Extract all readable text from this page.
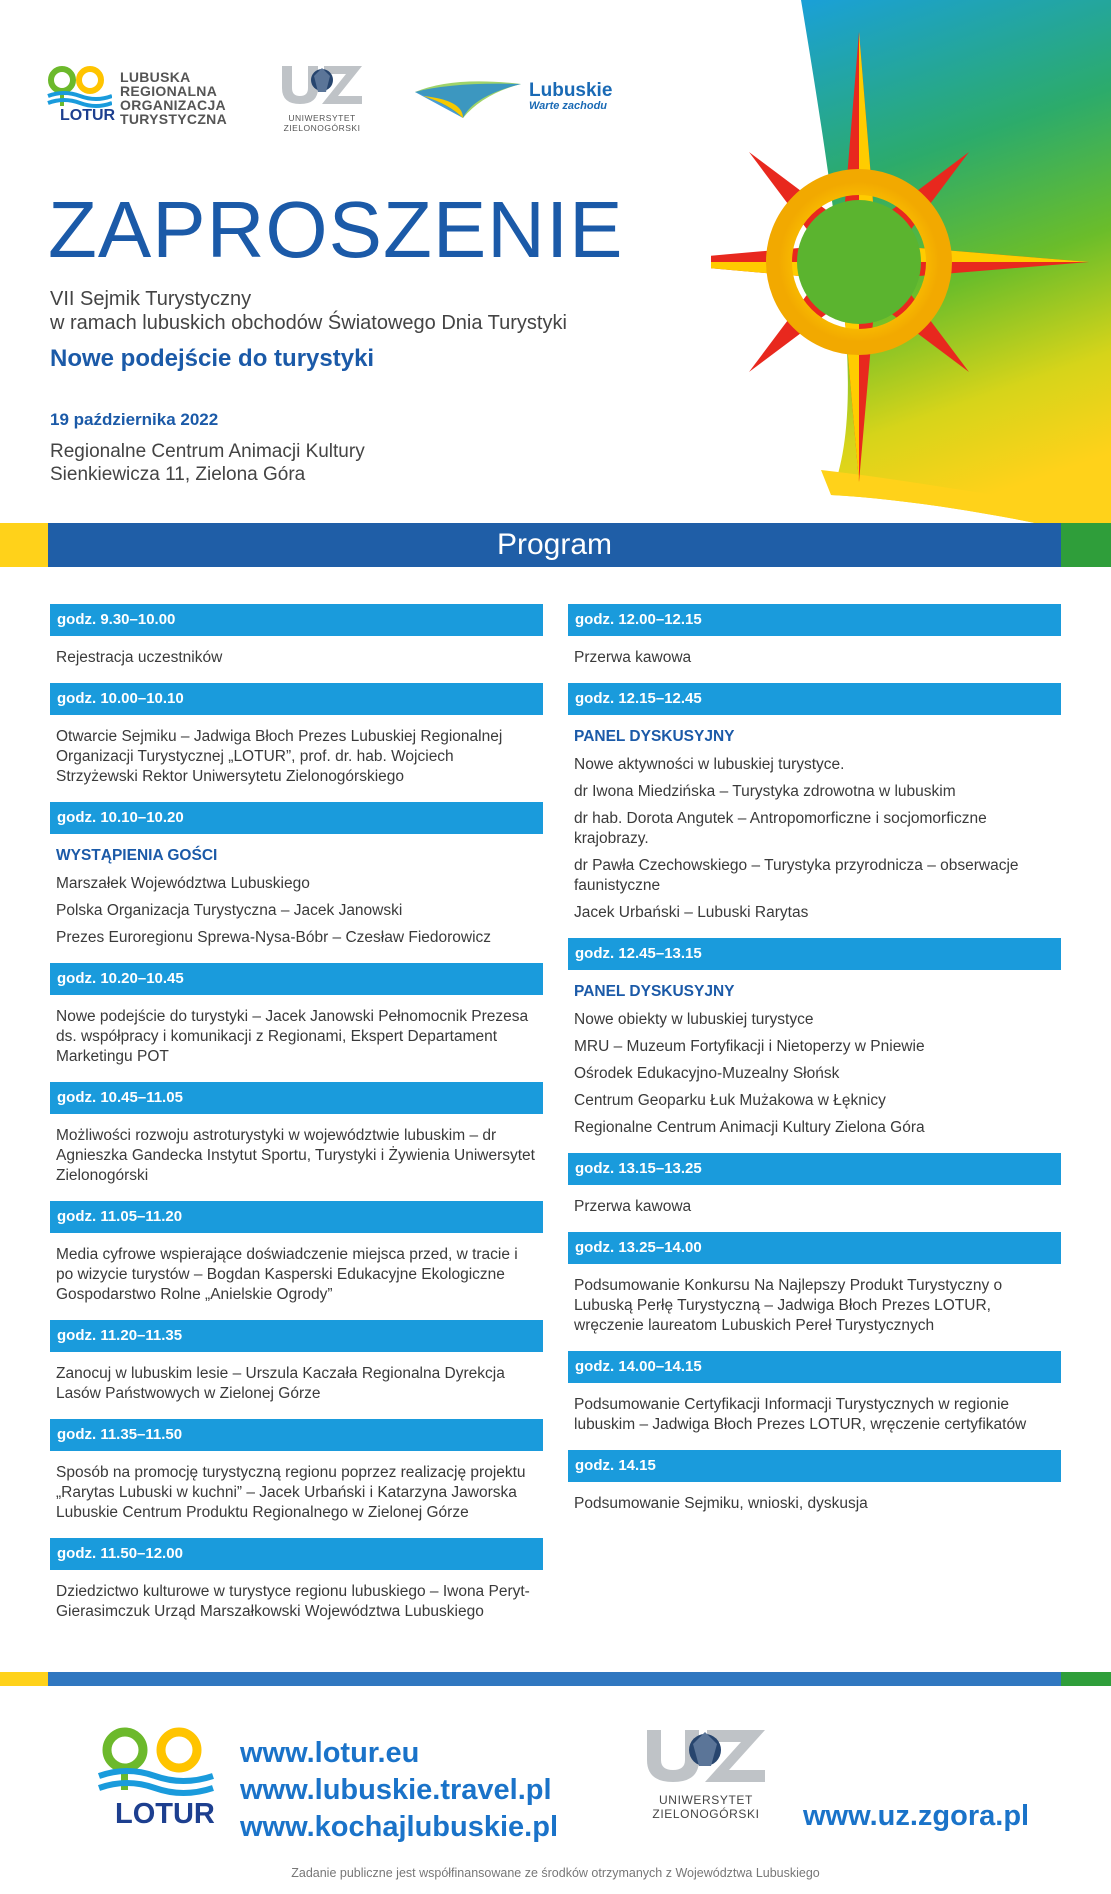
LOTUR
LUBUSKA
REGIONALNA
ORGANIZACJA
TURYSTYCZNA	UNIWERSYTET
ZIELONOGÓRSKI
Lubuskie
Warte zachodu
ZAPROSZENIE
VII Sejmik Turystyczny
w ramach lubuskich obchodów Światowego Dnia Turystyki
Nowe podejście do turystyki
19 października 2022
Regionalne Centrum Animacji Kultury
Sienkiewicza 11, Zielona Góra
Program
godz. 9.30–10.00
Rejestracja uczestników
godz. 10.00–10.10
Otwarcie Sejmiku – Jadwiga Błoch Prezes Lubuskiej Regionalnej Organizacji Turystycznej „LOTUR”, prof. dr. hab. Wojciech Strzyżewski Rektor Uniwersytetu Zielonogórskiego
godz. 10.10–10.20
WYSTĄPIENIA GOŚCI
Marszałek Województwa Lubuskiego
Polska Organizacja Turystyczna – Jacek Janowski
Prezes Euroregionu Sprewa-Nysa-Bóbr – Czesław Fiedorowicz
godz. 10.20–10.45
Nowe podejście do turystyki – Jacek Janowski Pełnomocnik Prezesa ds. współpracy i komunikacji z Regionami, Ekspert Departament Marketingu POT
godz. 10.45–11.05
Możliwości rozwoju astroturystyki w województwie lubuskim – dr Agnieszka Gandecka Instytut Sportu, Turystyki i Żywienia Uniwersytet Zielonogórski
godz. 11.05–11.20
Media cyfrowe wspierające doświadczenie miejsca przed, w tracie i po wizycie turystów – Bogdan Kasperski Edukacyjne Ekologiczne Gospodarstwo Rolne „Anielskie Ogrody”
godz. 11.20–11.35
Zanocuj w lubuskim lesie – Urszula Kaczała Regionalna Dyrekcja Lasów Państwowych w Zielonej Górze
godz. 11.35–11.50
Sposób na promocję turystyczną regionu poprzez realizację projektu „Rarytas Lubuski w kuchni” – Jacek Urbański i Katarzyna Jaworska Lubuskie Centrum Produktu Regionalnego w Zielonej Górze
godz. 11.50–12.00
Dziedzictwo kulturowe w turystyce regionu lubuskiego – Iwona Peryt-Gierasimczuk Urząd Marszałkowski Województwa Lubuskiego
godz. 12.00–12.15
Przerwa kawowa
godz. 12.15–12.45
PANEL DYSKUSYJNY
Nowe aktywności w lubuskiej turystyce.
dr Iwona Miedzińska – Turystyka zdrowotna w lubuskim
dr hab. Dorota Angutek – Antropomorficzne i socjomorficzne krajobrazy.
dr Pawła Czechowskiego – Turystyka przyrodnicza – obserwacje faunistyczne
Jacek Urbański – Lubuski Rarytas
godz. 12.45–13.15
PANEL DYSKUSYJNY
Nowe obiekty w lubuskiej turystyce
MRU – Muzeum Fortyfikacji i Nietoperzy w Pniewie
Ośrodek Edukacyjno-Muzealny Słońsk
Centrum Geoparku Łuk Mużakowa w Łęknicy
Regionalne Centrum Animacji Kultury Zielona Góra
godz. 13.15–13.25
Przerwa kawowa
godz. 13.25–14.00
Podsumowanie Konkursu Na Najlepszy Produkt Turystyczny o Lubuską Perłę Turystyczną – Jadwiga Błoch Prezes LOTUR, wręczenie laureatom Lubuskich Pereł Turystycznych
godz. 14.00–14.15
Podsumowanie Certyfikacji Informacji Turystycznych w regionie lubuskim – Jadwiga Błoch Prezes LOTUR, wręczenie certyfikatów
godz. 14.15
Podsumowanie Sejmiku, wnioski, dyskusja
LOTUR
www.lotur.eu
www.lubuskie.travel.pl
www.kochajlubuskie.pl
UNIWERSYTET
ZIELONOGÓRSKI	www.uz.zgora.pl
Zadanie publiczne jest współfinansowane ze środków otrzymanych z Województwa Lubuskiego
